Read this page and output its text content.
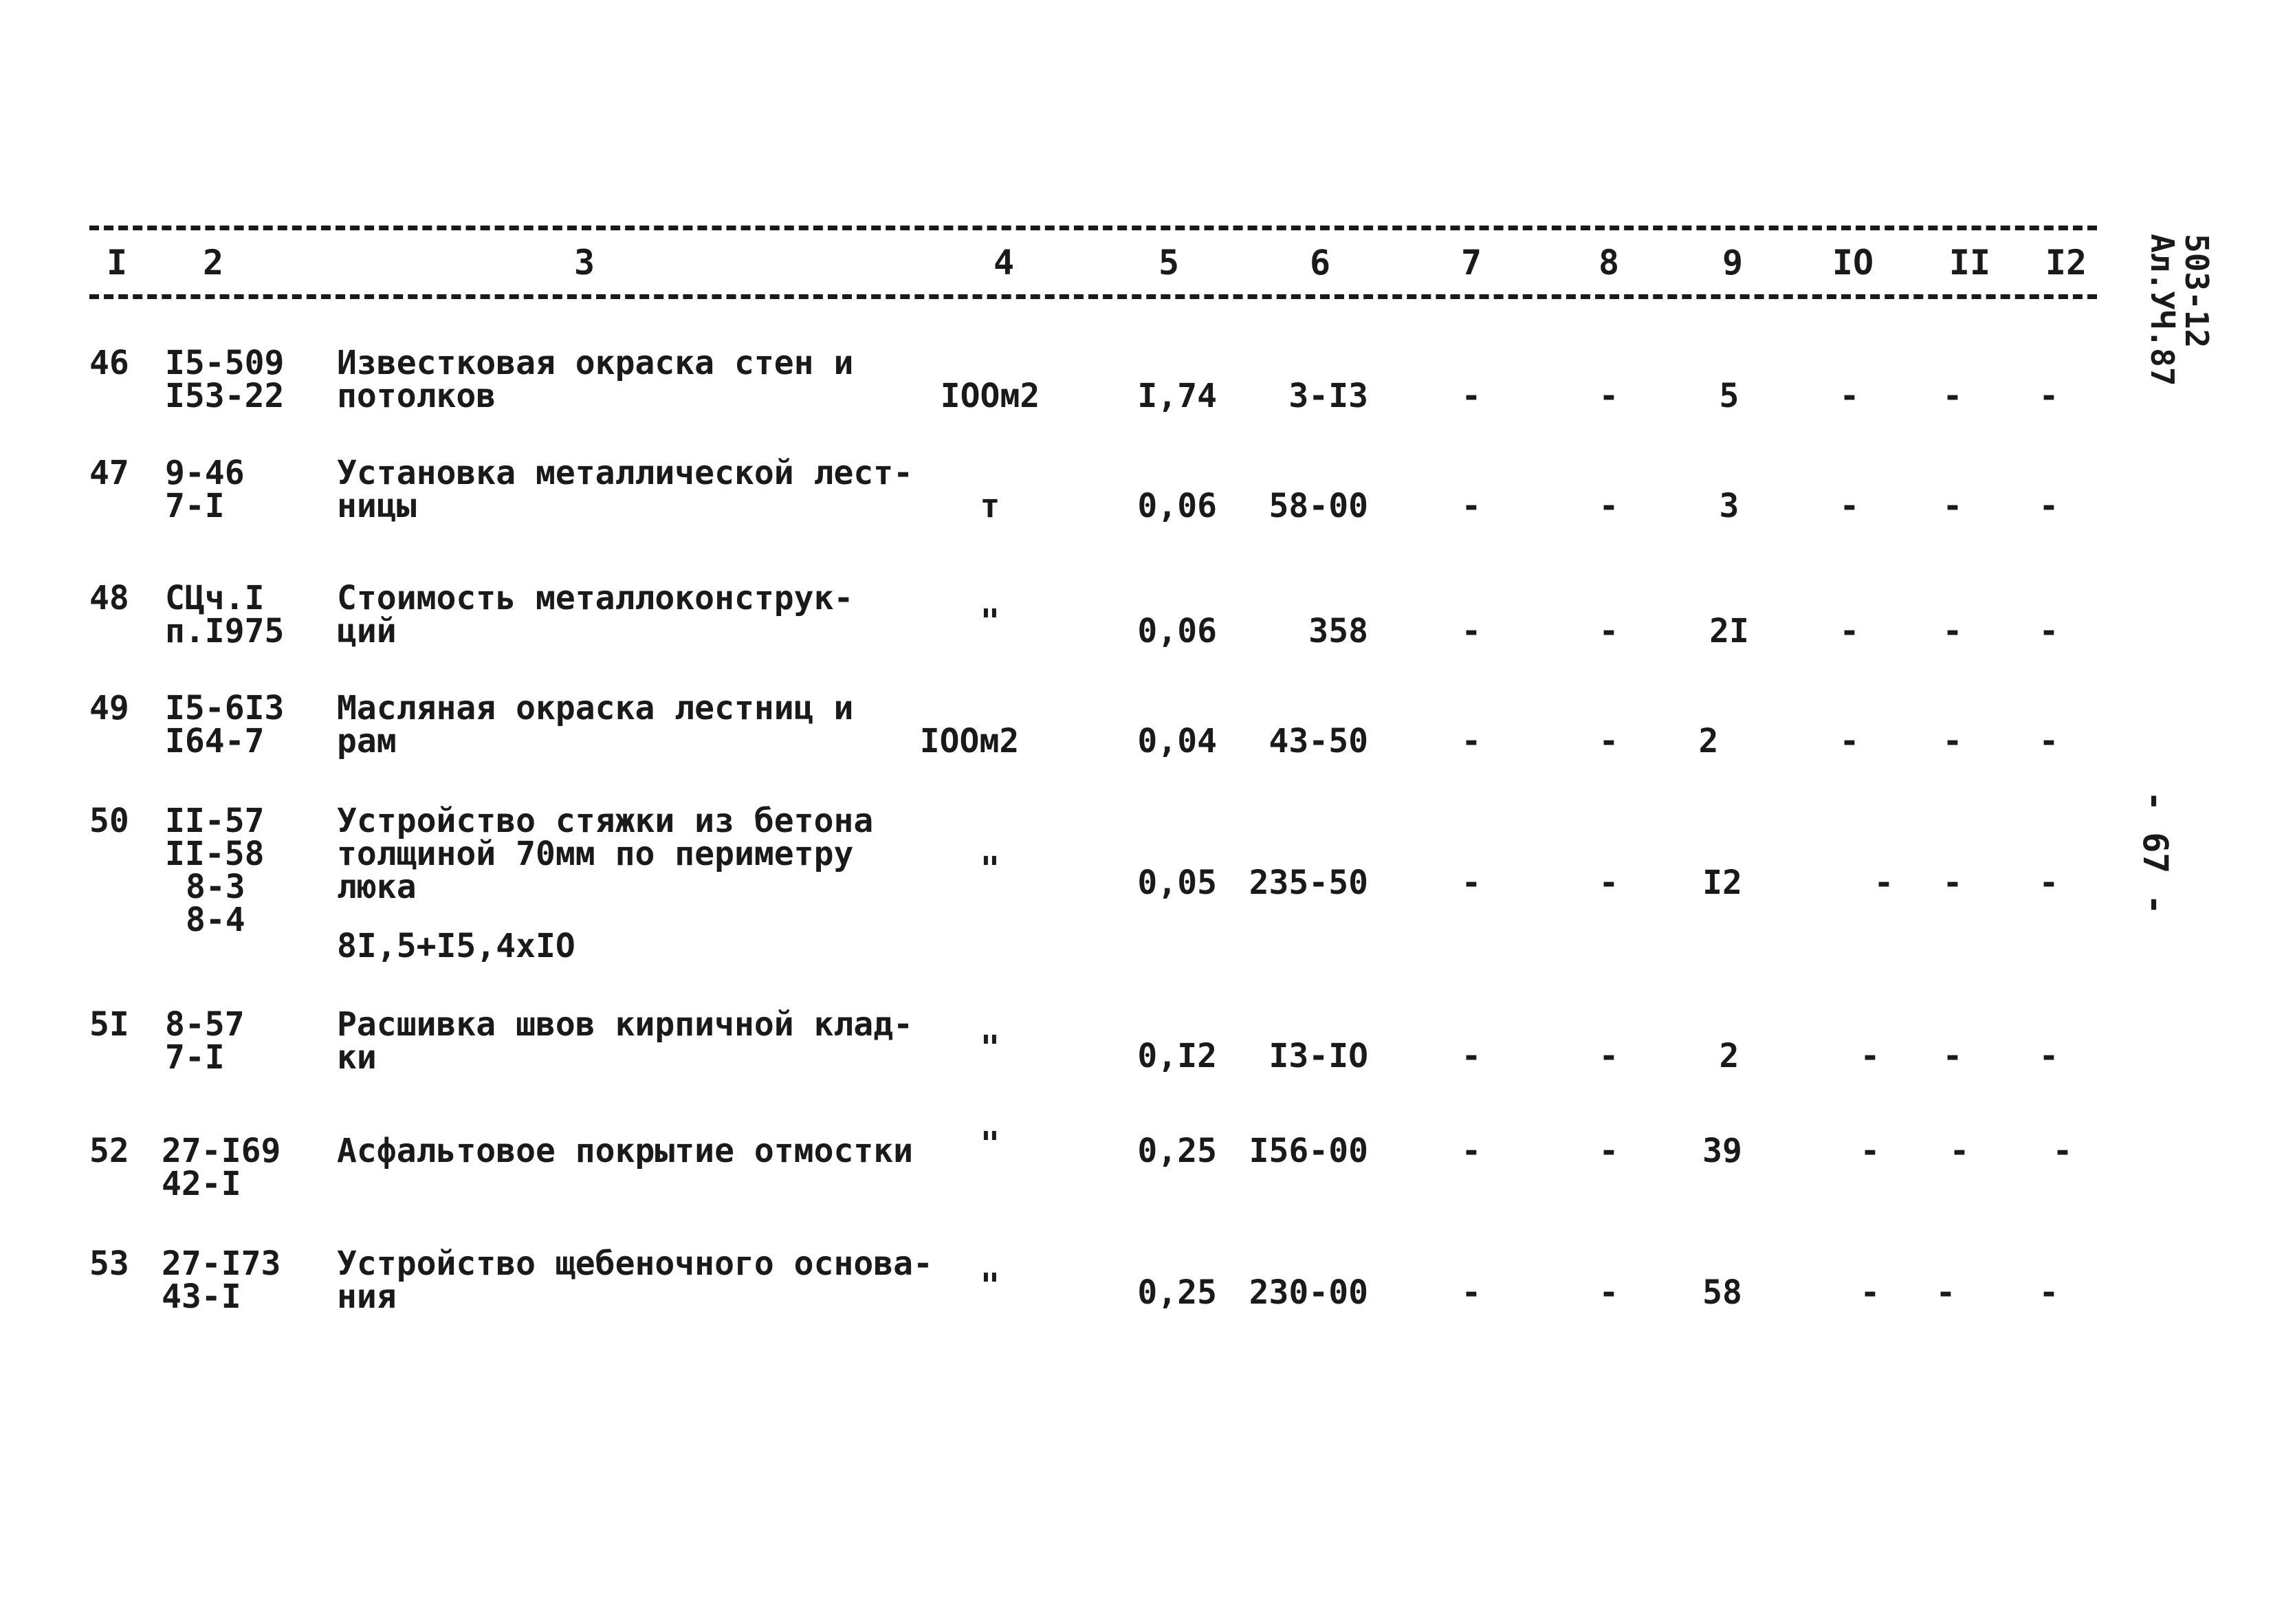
I 2	3	4	5	6	7	8	9	IO II I2
46 I5-509
I53-22
Известковая окраска стен и
потолков	IOOм2	I,74	3-I3	-	-	5	-	-	-
47 9-46
7-I
Установка металлической лест-
ницы	т	0,06	58-00	-	-	3	-	-	-
48 СЦч.I
п.I975
Стоимость металлоконструк-
ций	"	0,06	358	-	-	2I	-	-	-
49 I5-6I3
I64-7
Масляная окраска лестниц и
рам	IOOм2	0,04	43-50	-	-	2	-	-	-
50 II-57
II-58
8-3
8-4
Устройство стяжки из бетона
толщиной 70мм по периметру
люка
8I,5+I5,4xIO
"	0,05 235-50	-	-	I2	-	-	-
5I 8-57
7-I
Расшивка швов кирпичной клад-
ки	"	0,I2	I3-IO	-	-	2	-	-	-
52 27-I69
42-I
Асфальтовое покрытие отмостки	"	0,25 I56-00	-	-	39	-	-	-
53 27-I73
43-I
Устройство щебеночного основа-
ния	"	0,25 230-00	-	-	58	-	-	-
503-12
Ал.УЧ.87
- 67 -
